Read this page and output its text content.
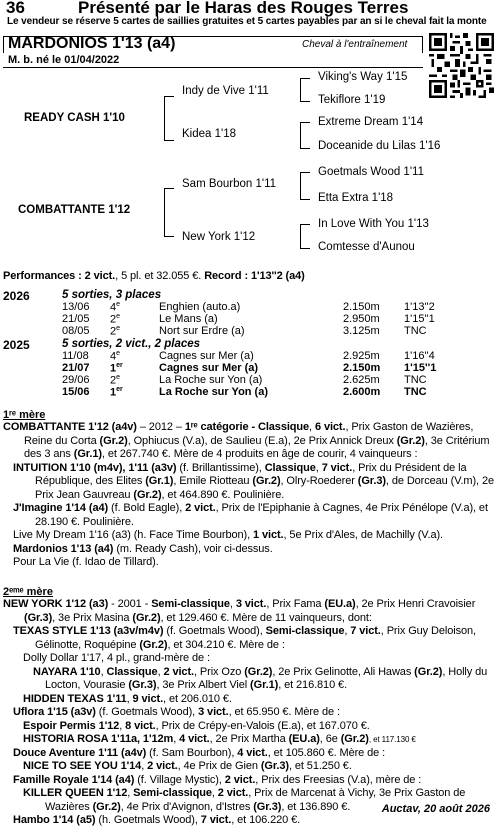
36	Présenté par le Haras des Rouges Terres
Le vendeur se réserve 5 cartes de saillies gratuites et 5 cartes payables par an si le cheval fait la monte
MARDONIOS 1'13 (a4)	Cheval à l'entraînement
M. b. né le 01/04/2022
READY CASH 1'10
COMBATTANTE 1'12
Indy de Vive 1'11
Kidea 1'18
Sam Bourbon 1'11
New York 1'12
Viking's Way 1'15
Tekiflore 1'19
Extreme Dream 1'14
Doceanide du Lilas 1'16
Goetmals Wood 1'11
Etta Extra 1'18
In Love With You 1'13
Comtesse d'Aunou
Performances : 2 vict., 5 pl. et 32.055 €. Record : 1'13''2 (a4)
2026	5 sorties, 3 places
13/06 4e	Enghien (auto.a)	2.150m 1'13''2
21/05 2e	Le Mans (a)	2.950m 1'15''1
08/05 2e	Nort sur Erdre (a)	3.125m TNC
2025	5 sorties, 2 vict., 2 places
11/08 4e	Cagnes sur Mer (a)	2.925m 1'16''4
21/07 1er	Cagnes sur Mer (a)	2.150m 1'15''1
29/06 2e	La Roche sur Yon (a)	2.625m TNC
15/06 1er	La Roche sur Yon (a)	2.600m TNC
1ʳᵉ mère
COMBATTANTE 1'12 (a4v) – 2012 – 1ʳᵉ catégorie - Classique, 6 vict., Prix Gaston de Wazières, Reine du Corta (Gr.2), Ophiucus (V.a), de Saulieu (E.a), 2e Prix Annick Dreux (Gr.2), 3e Critérium des 3 ans (Gr.1), et 267.740 €. Mère de 4 produits en âge de courir, 4 vainqueurs :
INTUITION 1'10 (m4v), 1'11 (a3v) (f. Brillantissime), Classique, 7 vict., Prix du Président de la République, des Elites (Gr.1), Emile Riotteau (Gr.2), Olry-Roederer (Gr.3), de Dorceau (V.m), 2e Prix Jean Gauvreau (Gr.2), et 464.890 €. Poulinière.
J'Imagine 1'14 (a4) (f. Bold Eagle), 2 vict., Prix de l'Epiphanie à Cagnes, 4e Prix Pénélope (V.a), et 28.190 €. Poulinière.
Live My Dream 1'16 (a3) (h. Face Time Bourbon), 1 vict., 5e Prix d'Ales, de Machilly (V.a).
Mardonios 1'13 (a4) (m. Ready Cash), voir ci-dessus.
Pour La Vie (f. Idao de Tillard).
2ᵉᵐᵉ mère
NEW YORK 1'12 (a3) - 2001 - Semi-classique, 3 vict., Prix Fama (EU.a), 2e Prix Henri Cravoisier (Gr.3), 3e Prix Masina (Gr.2), et 129.460 €. Mère de 11 vainqueurs, dont:
TEXAS STYLE 1'13 (a3v/m4v) (f. Goetmals Wood), Semi-classique, 7 vict., Prix Guy Deloison, Gélinotte, Roquépine (Gr.2), et 304.210 €. Mère de :
Dolly Dollar 1'17, 4 pl., grand-mère de :
NAYARA 1'10, Classique, 2 vict., Prix Ozo (Gr.2), 2e Prix Gelinotte, Ali Hawas (Gr.2), Holly du Locton, Vourasie (Gr.3), 3e Prix Albert Viel (Gr.1), et 216.810 €.
HIDDEN TEXAS 1'11, 9 vict., et 206.010 €.
Uflora 1'15 (a3v) (f. Goetmals Wood), 3 vict., et 65.950 €. Mère de :
Espoir Permis 1'12, 8 vict., Prix de Crépy-en-Valois (E.a), et 167.070 €.
HISTORIA ROSA 1'11a, 1'12m, 4 vict., 2e Prix Martha (EU.a), 6e (Gr.2), et 117.130 €
Douce Aventure 1'11 (a4v) (f. Sam Bourbon), 4 vict., et 105.860 €. Mère de :
NICE TO SEE YOU 1'14, 2 vict., 4e Prix de Gien (Gr.3), et 51.250 €.
Famille Royale 1'14 (a4) (f. Village Mystic), 2 vict., Prix des Freesias (V.a), mère de :
KILLER QUEEN 1'12, Semi-classique, 2 vict., Prix de Marcenat à Vichy, 3e Prix Gaston de Wazières (Gr.2), 4e Prix d'Avignon, d'Istres (Gr.3), et 136.890 €.
Hambo 1'14 (a5) (h. Goetmals Wood), 7 vict., et 106.220 €.
Auctav, 20 août 2026
